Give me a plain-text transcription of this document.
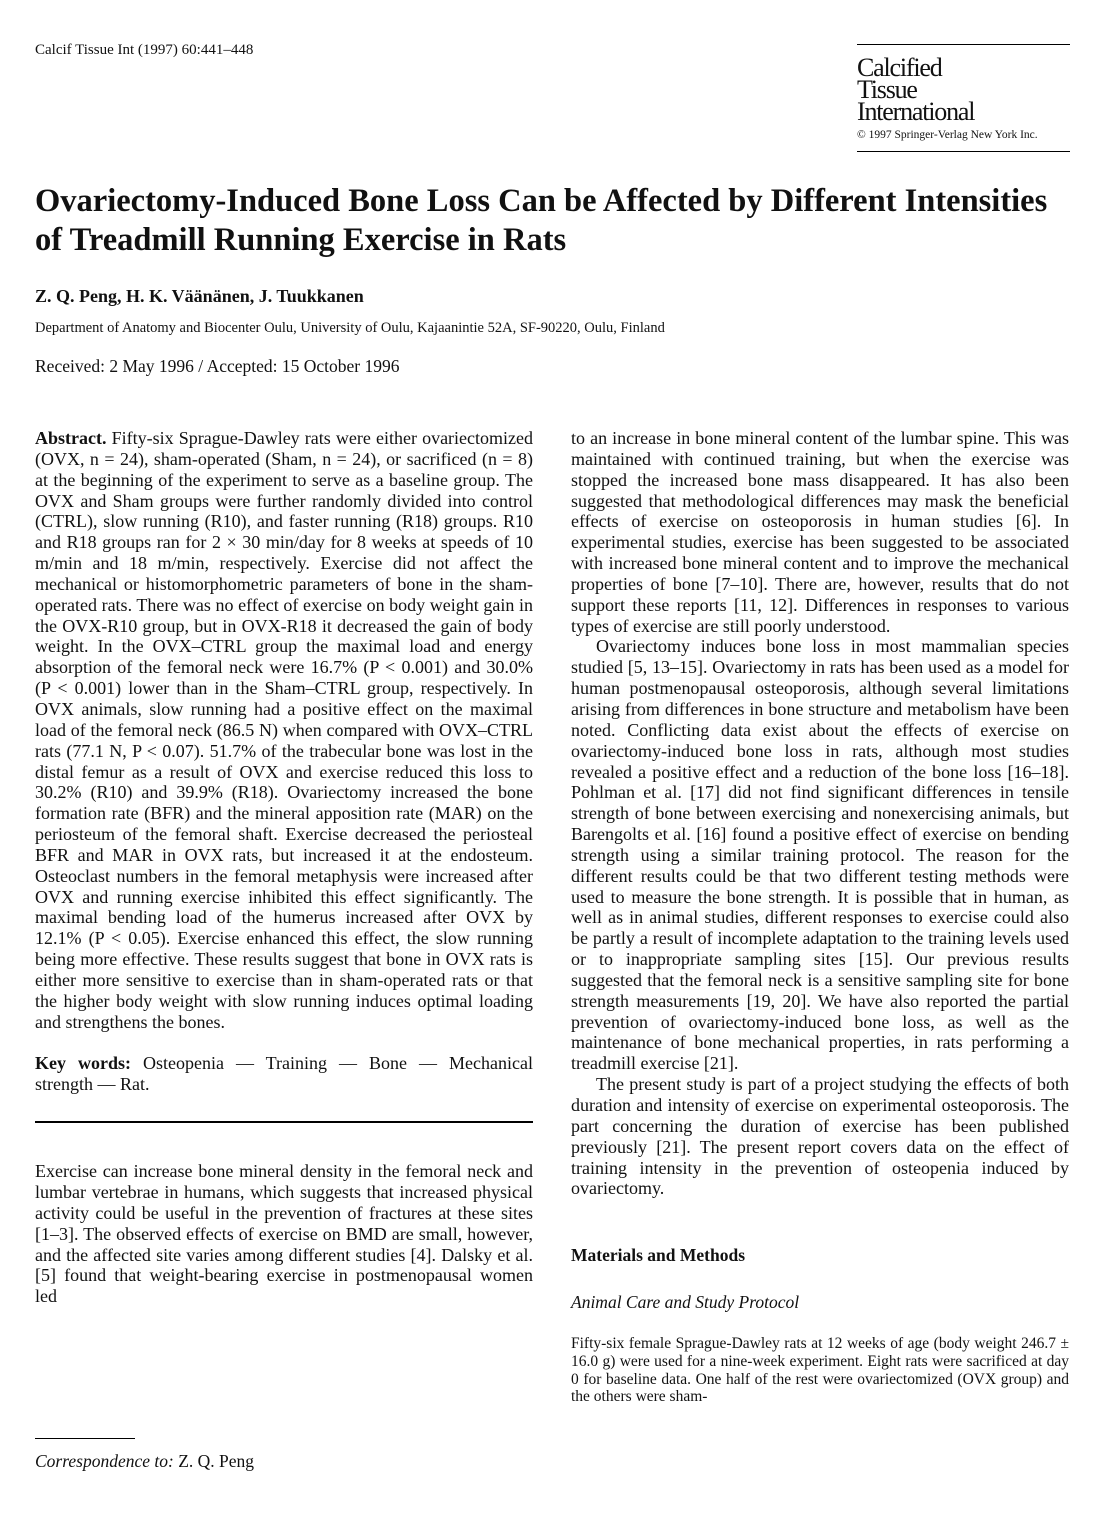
Calcif Tissue Int (1997) 60:441–448
Calcified
Tissue
International
© 1997 Springer-Verlag New York Inc.
Ovariectomy-Induced Bone Loss Can be Affected by Different Intensities of Treadmill Running Exercise in Rats
Z. Q. Peng, H. K. Väänänen, J. Tuukkanen
Department of Anatomy and Biocenter Oulu, University of Oulu, Kajaanintie 52A, SF-90220, Oulu, Finland
Received: 2 May 1996 / Accepted: 15 October 1996

Abstract. Fifty-six Sprague-Dawley rats were either ovariectomized (OVX, n = 24), sham-operated (Sham, n = 24), or sacrificed (n = 8) at the beginning of the experiment to serve as a baseline group. The OVX and Sham groups were further randomly divided into control (CTRL), slow running (R10), and faster running (R18) groups. R10 and R18 groups ran for 2 × 30 min/day for 8 weeks at speeds of 10 m/min and 18 m/min, respectively. Exercise did not affect the mechanical or histomorphometric parameters of bone in the sham-operated rats. There was no effect of exercise on body weight gain in the OVX-R10 group, but in OVX-R18 it decreased the gain of body weight. In the OVX–CTRL group the maximal load and energy absorption of the femoral neck were 16.7% (P < 0.001) and 30.0% (P < 0.001) lower than in the Sham–CTRL group, respectively. In OVX animals, slow running had a positive effect on the maximal load of the femoral neck (86.5 N) when compared with OVX–CTRL rats (77.1 N, P < 0.07). 51.7% of the trabecular bone was lost in the distal femur as a result of OVX and exercise reduced this loss to 30.2% (R10) and 39.9% (R18). Ovariectomy increased the bone formation rate (BFR) and the mineral apposition rate (MAR) on the periosteum of the femoral shaft. Exercise decreased the periosteal BFR and MAR in OVX rats, but increased it at the endosteum. Osteoclast numbers in the femoral metaphysis were increased after OVX and running exercise inhibited this effect significantly. The maximal bending load of the humerus increased after OVX by 12.1% (P < 0.05). Exercise enhanced this effect, the slow running being more effective. These results suggest that bone in OVX rats is either more sensitive to exercise than in sham-operated rats or that the higher body weight with slow running induces optimal loading and strengthens the bones.

Key words: Osteopenia — Training — Bone — Mechanical strength — Rat.

Exercise can increase bone mineral density in the femoral neck and lumbar vertebrae in humans, which suggests that increased physical activity could be useful in the prevention of fractures at these sites [1–3]. The observed effects of exercise on BMD are small, however, and the affected site varies among different studies [4]. Dalsky et al. [5] found that weight-bearing exercise in postmenopausal women led

to an increase in bone mineral content of the lumbar spine. This was maintained with continued training, but when the exercise was stopped the increased bone mass disappeared. It has also been suggested that methodological differences may mask the beneficial effects of exercise on osteoporosis in human studies [6]. In experimental studies, exercise has been suggested to be associated with increased bone mineral content and to improve the mechanical properties of bone [7–10]. There are, however, results that do not support these reports [11, 12]. Differences in responses to various types of exercise are still poorly understood.

Ovariectomy induces bone loss in most mammalian species studied [5, 13–15]. Ovariectomy in rats has been used as a model for human postmenopausal osteoporosis, although several limitations arising from differences in bone structure and metabolism have been noted. Conflicting data exist about the effects of exercise on ovariectomy-induced bone loss in rats, although most studies revealed a positive effect and a reduction of the bone loss [16–18]. Pohlman et al. [17] did not find significant differences in tensile strength of bone between exercising and nonexercising animals, but Barengolts et al. [16] found a positive effect of exercise on bending strength using a similar training protocol. The reason for the different results could be that two different testing methods were used to measure the bone strength. It is possible that in human, as well as in animal studies, different responses to exercise could also be partly a result of incomplete adaptation to the training levels used or to inappropriate sampling sites [15]. Our previous results suggested that the femoral neck is a sensitive sampling site for bone strength measurements [19, 20]. We have also reported the partial prevention of ovariectomy-induced bone loss, as well as the maintenance of bone mechanical properties, in rats performing a treadmill exercise [21].

The present study is part of a project studying the effects of both duration and intensity of exercise on experimental osteoporosis. The part concerning the duration of exercise has been published previously [21]. The present report covers data on the effect of training intensity in the prevention of osteopenia induced by ovariectomy.

Materials and Methods
Animal Care and Study Protocol

Fifty-six female Sprague-Dawley rats at 12 weeks of age (body weight 246.7 ± 16.0 g) were used for a nine-week experiment. Eight rats were sacrificed at day 0 for baseline data. One half of the rest were ovariectomized (OVX group) and the others were sham-

Correspondence to: Z. Q. Peng
